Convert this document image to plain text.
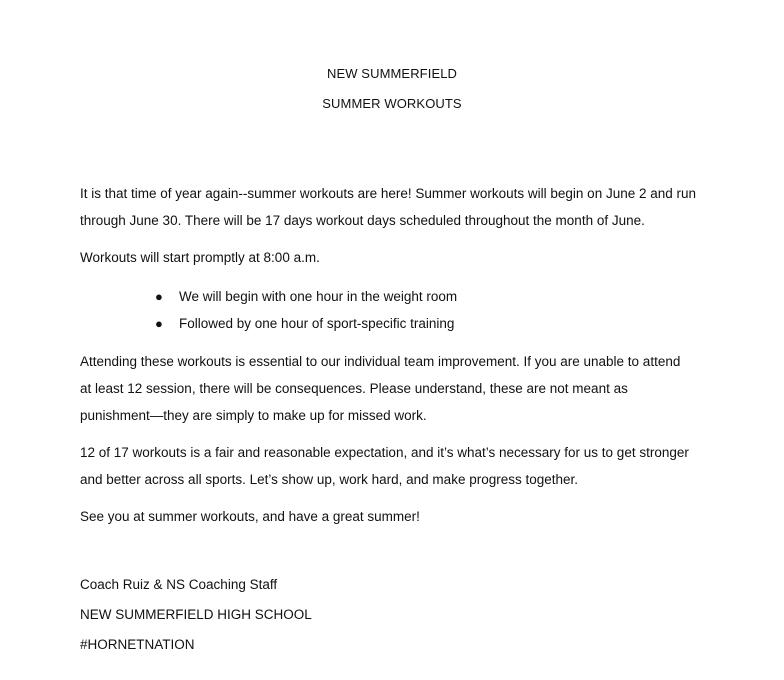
NEW SUMMERFIELD
SUMMER WORKOUTS
It is that time of year again--summer workouts are here! Summer workouts will begin on June 2 and run
through June 30. There will be 17 days workout days scheduled throughout the month of June.
Workouts will start promptly at 8:00 a.m.
● We will begin with one hour in the weight room
● Followed by one hour of sport-specific training
Attending these workouts is essential to our individual team improvement. If you are unable to attend
at least 12 session, there will be consequences. Please understand, these are not meant as
punishment—they are simply to make up for missed work.
12 of 17 workouts is a fair and reasonable expectation, and it’s what’s necessary for us to get stronger
and better across all sports. Let’s show up, work hard, and make progress together.
See you at summer workouts, and have a great summer!
Coach Ruiz & NS Coaching Staff
NEW SUMMERFIELD HIGH SCHOOL
#HORNETNATION
